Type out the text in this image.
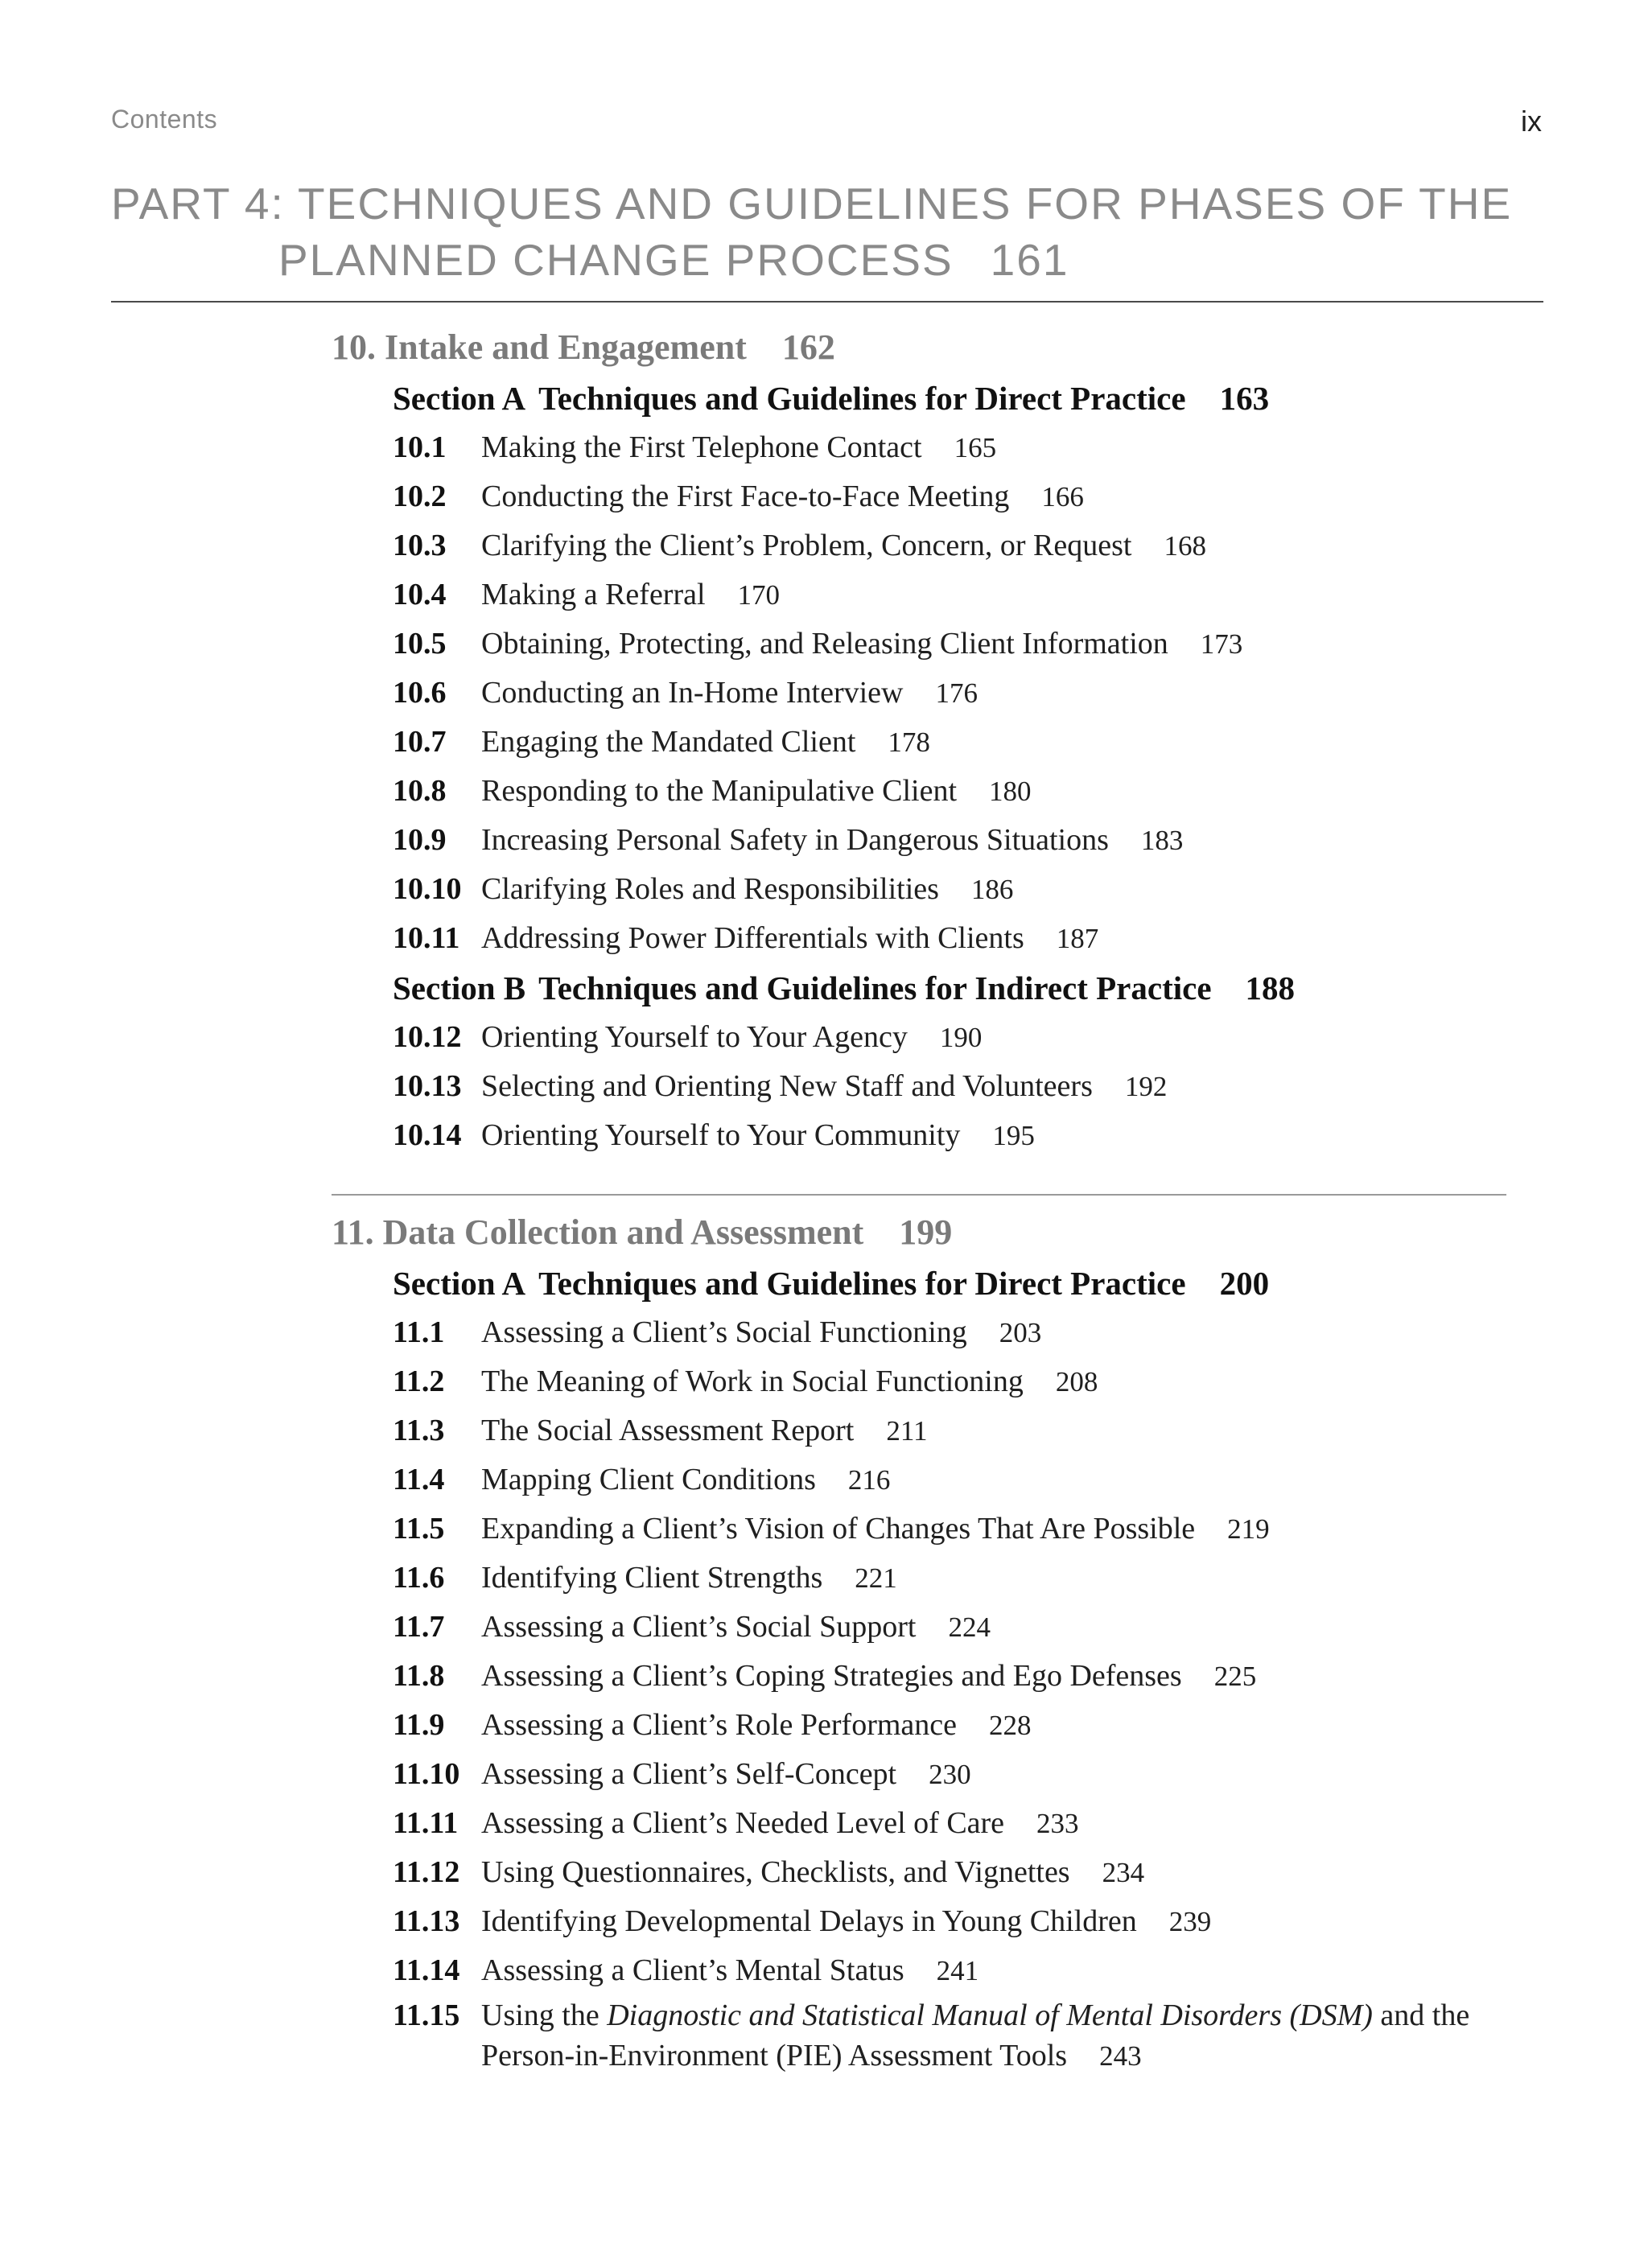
Contents	ix
PART 4: TECHNIQUES AND GUIDELINES FOR PHASES OF THE
PLANNED CHANGE PROCESS 161
10. Intake and Engagement 162
Section A Techniques and Guidelines for Direct Practice 163
10.1	Making the First Telephone Contact 165
10.2	Conducting the First Face-to-Face Meeting 166
10.3	Clarifying the Client’s Problem, Concern, or Request 168
10.4	Making a Referral 170
10.5	Obtaining, Protecting, and Releasing Client Information 173
10.6	Conducting an In-Home Interview 176
10.7	Engaging the Mandated Client 178
10.8	Responding to the Manipulative Client 180
10.9	Increasing Personal Safety in Dangerous Situations 183
10.10 Clarifying Roles and Responsibilities 186
10.11 Addressing Power Differentials with Clients 187
Section B Techniques and Guidelines for Indirect Practice 188
10.12 Orienting Yourself to Your Agency 190
10.13 Selecting and Orienting New Staff and Volunteers 192
10.14 Orienting Yourself to Your Community 195
11. Data Collection and Assessment 199
Section A Techniques and Guidelines for Direct Practice 200
11.1	Assessing a Client’s Social Functioning 203
11.2	The Meaning of Work in Social Functioning 208
11.3	The Social Assessment Report 211
11.4	Mapping Client Conditions 216
11.5	Expanding a Client’s Vision of Changes That Are Possible 219
11.6	Identifying Client Strengths 221
11.7	Assessing a Client’s Social Support 224
11.8	Assessing a Client’s Coping Strategies and Ego Defenses 225
11.9	Assessing a Client’s Role Performance 228
11.10 Assessing a Client’s Self-Concept 230
11.11 Assessing a Client’s Needed Level of Care 233
11.12 Using Questionnaires, Checklists, and Vignettes 234
11.13 Identifying Developmental Delays in Young Children 239
11.14 Assessing a Client’s Mental Status 241
11.15 Using the Diagnostic and Statistical Manual of Mental Disorders (DSM) and the
Person-in-Environment (PIE) Assessment Tools 243
